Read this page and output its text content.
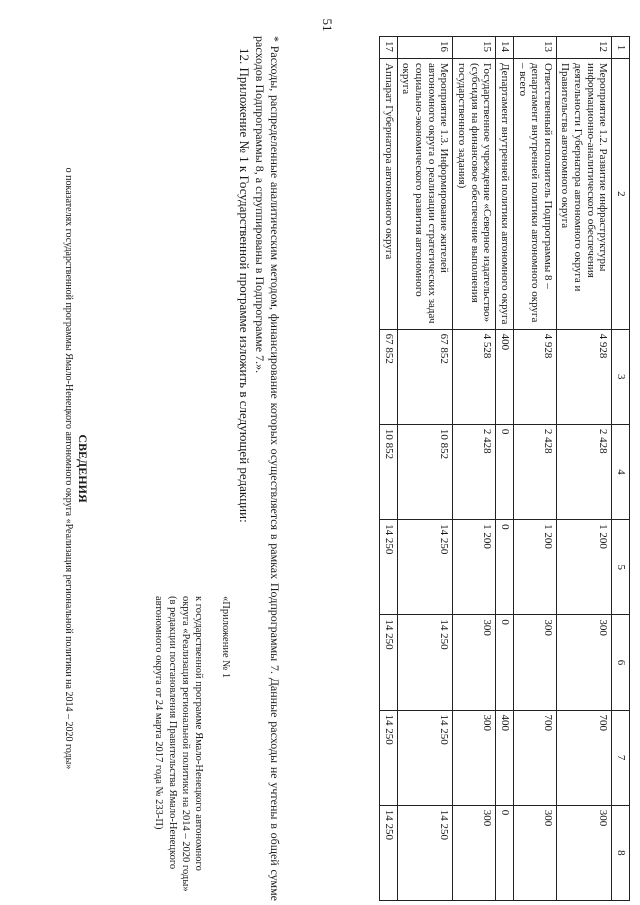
51
1	2	3	4	5	6	7	8
12	Мероприятие 1.2. Развитие инфраструктуры информационно-аналитического обеспечения деятельности Губернатора автономного округа и Правительства автономного округа	4 928	2 428	1 200	300	700	300
13	Ответственный исполнитель Подпрограммы 8 – департамент внутренней политики автономного округа – всего	4 928	2 428	1 200	300	700	300
14	Департамент внутренней политики автономного округа	400	0	0	0	400	0
15	Государственное учреждение «Северное издательство» (субсидия на финансовое обеспечение выполнения государственного задания)	4 528	2 428	1 200	300	300	300
16	Мероприятие 1.3. Информирование жителей автономного округа о реализации стратегических задач социально-экономического развития автономного округа	67 852	10 852	14 250	14 250	14 250	14 250
17	Аппарат Губернатора автономного округа	67 852	10 852	14 250	14 250	14 250	14 250
* Расходы, распределенные аналитическим методом, финансирование которых осуществляется в рамках Подпрограммы 7. Данные расходы не учтены в общей сумме расходов Подпрограммы 8, а сгруппированы в Подпрограмме 7.».
12. Приложение № 1 к Государственной программе изложить в следующей редакции:
«Приложение № 1
к государственной программе Ямало-Ненецкого автономного округа «Реализация региональной политики на 2014 – 2020 годы» (в редакции постановления Правительства Ямало-Ненецкого автономного округа от 24 марта 2017 года № 233-П)
СВЕДЕНИЯ
о показателях государственной программы Ямало-Ненецкого автономного округа «Реализация региональной политики на 2014 – 2020 годы»
